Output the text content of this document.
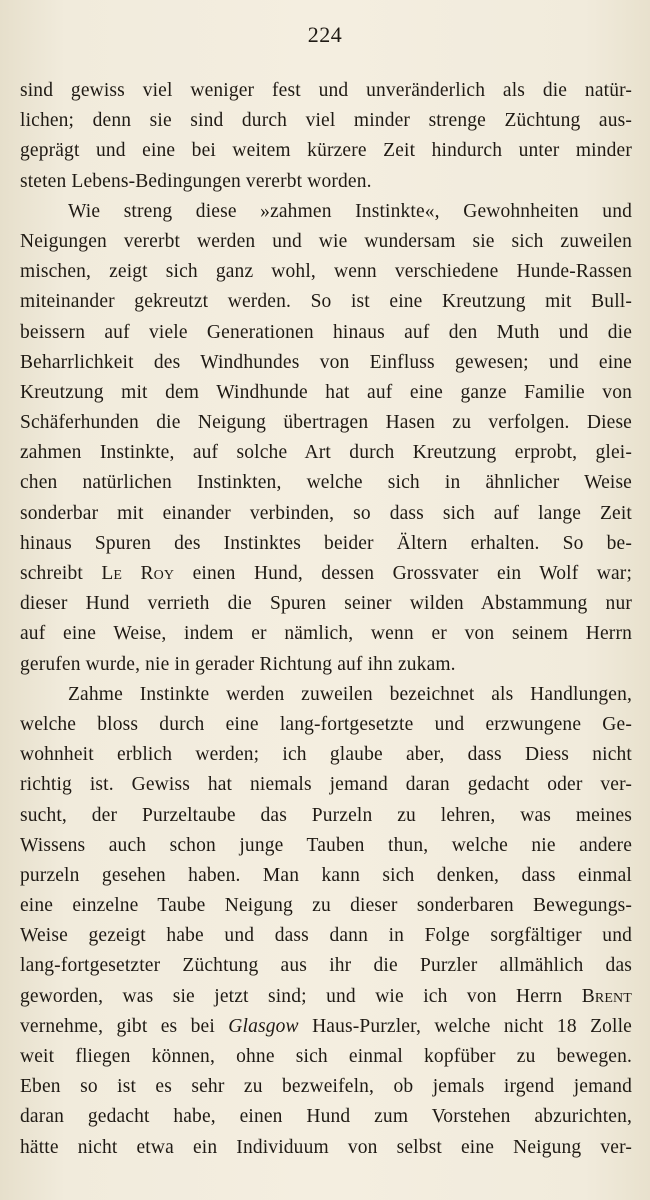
224
sind gewiss viel weniger fest und unveränderlich als die natür-
lichen; denn sie sind durch viel minder strenge Züchtung aus-
geprägt und eine bei weitem kürzere Zeit hindurch unter minder
steten Lebens-Bedingungen vererbt worden.
Wie streng diese »zahmen Instinkte«, Gewohnheiten und
Neigungen vererbt werden und wie wundersam sie sich zuweilen
mischen, zeigt sich ganz wohl, wenn verschiedene Hunde-Rassen
miteinander gekreutzt werden. So ist eine Kreutzung mit Bull-
beissern auf viele Generationen hinaus auf den Muth und die
Beharrlichkeit des Windhundes von Einfluss gewesen; und eine
Kreutzung mit dem Windhunde hat auf eine ganze Familie von
Schäferhunden die Neigung übertragen Hasen zu verfolgen. Diese
zahmen Instinkte, auf solche Art durch Kreutzung erprobt, glei-
chen natürlichen Instinkten, welche sich in ähnlicher Weise
sonderbar mit einander verbinden, so dass sich auf lange Zeit
hinaus Spuren des Instinktes beider Ältern erhalten. So be-
schreibt Le Roy einen Hund, dessen Grossvater ein Wolf war;
dieser Hund verrieth die Spuren seiner wilden Abstammung nur
auf eine Weise, indem er nämlich, wenn er von seinem Herrn
gerufen wurde, nie in gerader Richtung auf ihn zukam.
Zahme Instinkte werden zuweilen bezeichnet als Handlungen,
welche bloss durch eine lang-fortgesetzte und erzwungene Ge-
wohnheit erblich werden; ich glaube aber, dass Diess nicht
richtig ist. Gewiss hat niemals jemand daran gedacht oder ver-
sucht, der Purzeltaube das Purzeln zu lehren, was meines
Wissens auch schon junge Tauben thun, welche nie andere
purzeln gesehen haben. Man kann sich denken, dass einmal
eine einzelne Taube Neigung zu dieser sonderbaren Bewegungs-
Weise gezeigt habe und dass dann in Folge sorgfältiger und
lang-fortgesetzter Züchtung aus ihr die Purzler allmählich das
geworden, was sie jetzt sind; und wie ich von Herrn Brent
vernehme, gibt es bei Glasgow Haus-Purzler, welche nicht 18 Zolle
weit fliegen können, ohne sich einmal kopfüber zu bewegen.
Eben so ist es sehr zu bezweifeln, ob jemals irgend jemand
daran gedacht habe, einen Hund zum Vorstehen abzurichten,
hätte nicht etwa ein Individuum von selbst eine Neigung ver-
